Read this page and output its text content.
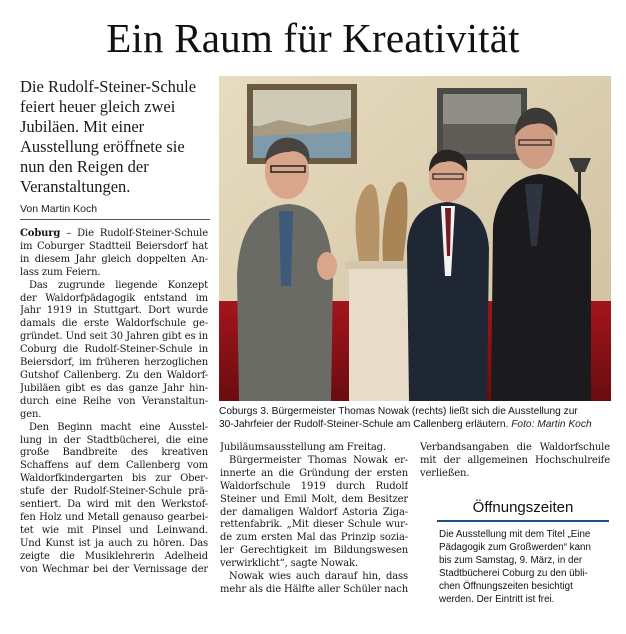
Ein Raum für Kreativität
Die Rudolf-Steiner-Schule
feiert heuer gleich zwei
Jubiläen. Mit einer
Ausstellung eröffnete sie
nun den Reigen der
Veranstaltungen.
Von Martin Koch
Coburg – Die Rudolf-Steiner-Schule
im Coburger Stadtteil Beiersdorf hat
in diesem Jahr gleich doppelten An-
lass zum Feiern.
Das zugrunde liegende Konzept
der Waldorfpädagogik entstand im
Jahr 1919 in Stuttgart. Dort wurde
damals die erste Waldorfschule ge-
gründet. Und seit 30 Jahren gibt es in
Coburg die Rudolf-Steiner-Schule in
Beiersdorf, im früheren herzoglichen
Gutshof Callenberg. Zu den Waldorf-
Jubiläen gibt es das ganze Jahr hin-
durch eine Reihe von Veranstaltun-
gen.
Den Beginn macht eine Ausstel-
lung in der Stadtbücherei, die eine
große Bandbreite des kreativen
Schaffens auf dem Callenberg vom
Waldorfkindergarten bis zur Ober-
stufe der Rudolf-Steiner-Schule prä-
sentiert. Da wird mit den Werkstof-
fen Holz und Metall genauso gearbei-
tet wie mit Pinsel und Leinwand.
Und Kunst ist ja auch zu hören. Das
zeigte die Musiklehrerin Adelheid
von Wechmar bei der Vernissage der
Coburgs 3. Bürgermeister Thomas Nowak (rechts) ließt sich die Ausstellung zur
30-Jahrfeier der Rudolf-Steiner-Schule am Callenberg erläutern. Foto: Martin Koch
Jubiläumsausstellung am Freitag.
Bürgermeister Thomas Nowak er-
innerte an die Gründung der ersten
Waldorfschule 1919 durch Rudolf
Steiner und Emil Molt, dem Besitzer
der damaligen Waldorf Astoria Ziga-
rettenfabrik. „Mit dieser Schule wur-
de zum ersten Mal das Prinzip sozia-
ler Gerechtigkeit im Bildungswesen
verwirklicht“, sagte Nowak.
Nowak wies auch darauf hin, dass
mehr als die Hälfte aller Schüler nach
Verbandsangaben die Waldorfschule
mit der allgemeinen Hochschulreife
verließen.
Öffnungszeiten
Die Ausstellung mit dem Titel „Eine
Pädagogik zum Großwerden“ kann
bis zum Samstag, 9. März, in der
Stadtbücherei Coburg zu den übli-
chen Öffnungszeiten besichtigt
werden. Der Eintritt ist frei.
